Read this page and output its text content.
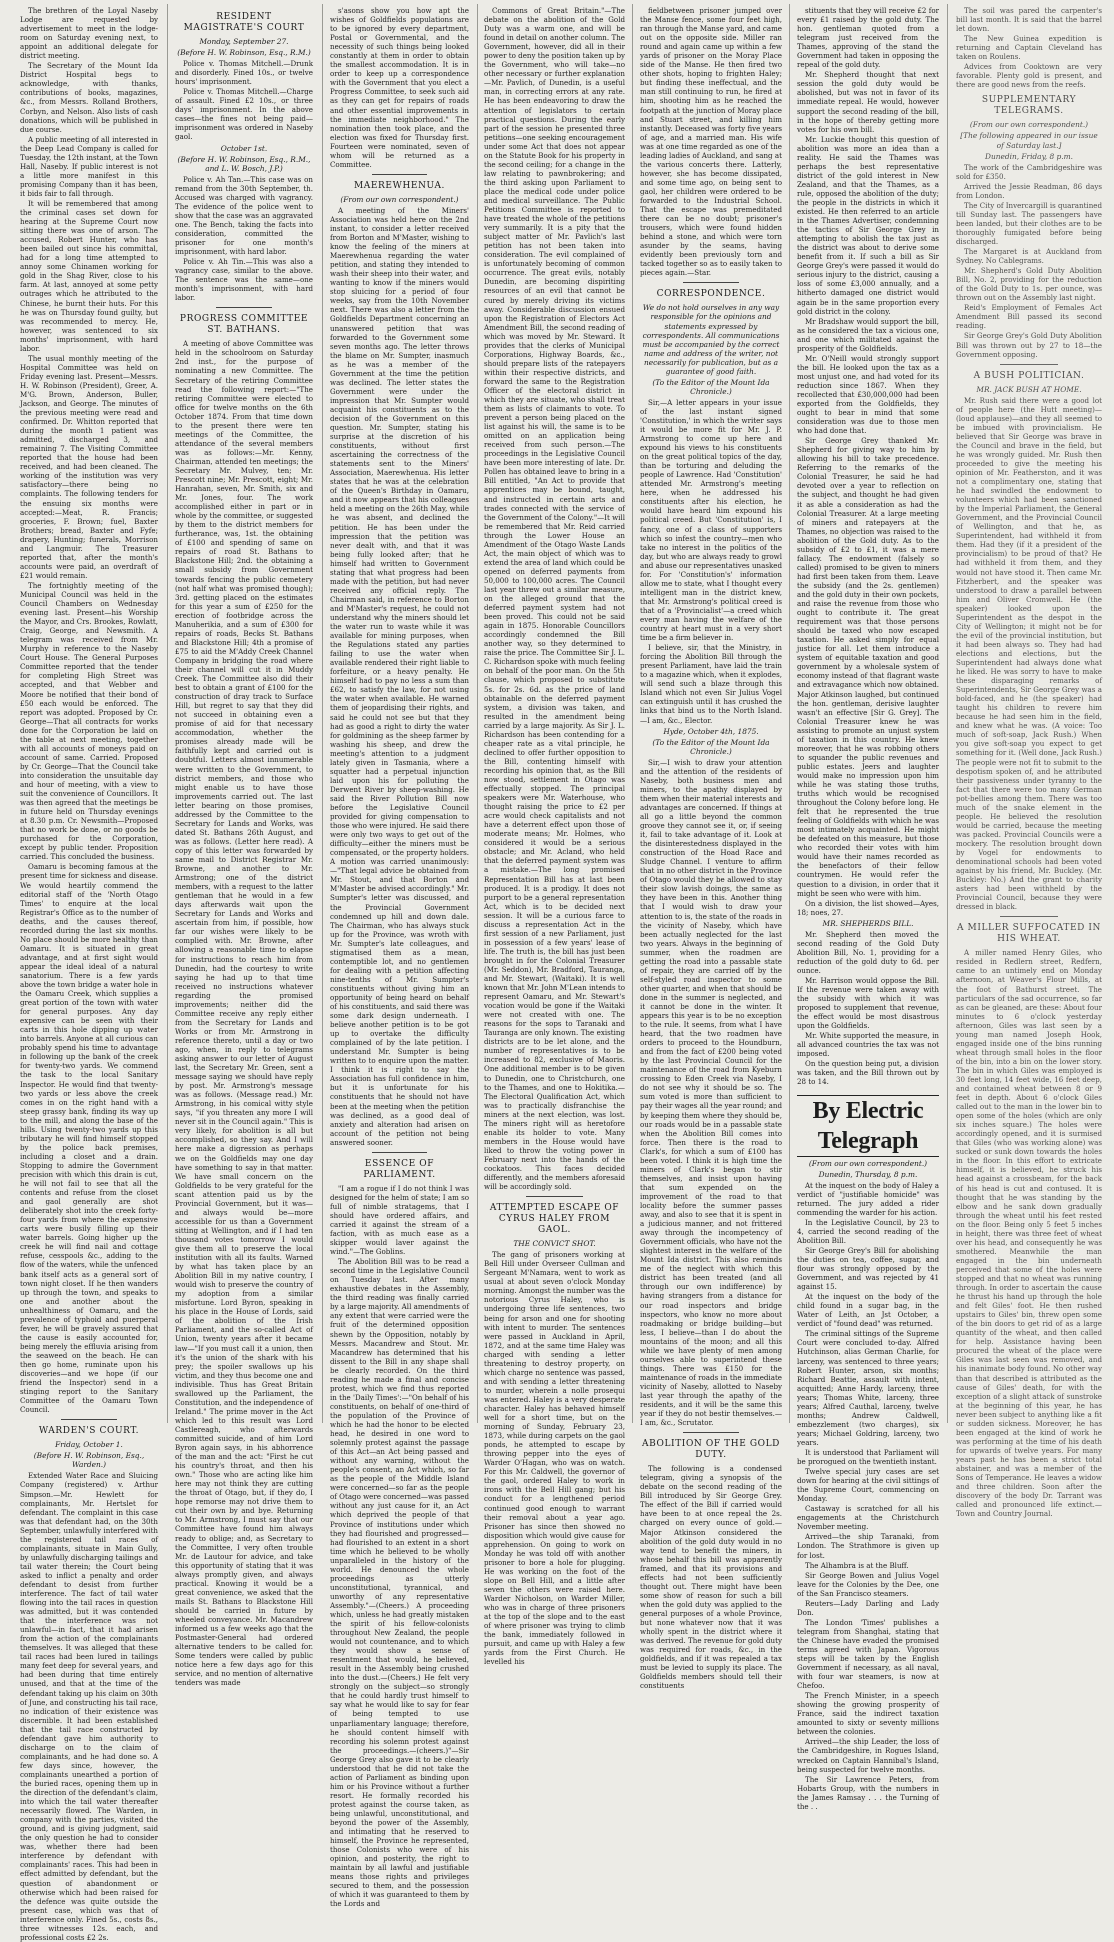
The brethren of the Loyal Naseby Lodge are requested by advertisement to meet in the lodge-room on Saturday evening next, to appoint an additional delegate for district meeting.

The Secretary of the Mount Ida District Hospital begs to acknowledge, with thanks, contributions of books, magazines, &c., from Messrs. Rolland Brothers, Corbyn, and Nelson. Also lists of cash donations, which will be published in due course.

A public meeting of all interested in the Deep Lead Company is called for Tuesday, the 12th instant, at the Town Hall, Naseby. If public interest is not a little more manifest in this promising Company than it has been, it bids fair to fall through.

It will be remembered that among the criminal cases set down for hearing at the Supreme Court now sitting there was one of arson. The accused, Robert Hunter, who has been bailed out since his committal, had for a long time attempted to annoy some Chinamen working for gold in the Shag River, close to his farm. At last, annoyed at some petty outrages which he attributed to the Chinese, he burnt their huts. For this he was on Thursday found guilty, but was recommended to mercy. He, however, was sentenced to six months' imprisonment, with hard labor.

The usual monthly meeting of the Hospital Committee was held on Friday evening last. Present—Messrs. H. W. Robinson (President), Greer, A. M'G. Brown, Anderson, Buller, Jackson, and George. The minutes of the previous meeting were read and confirmed. Dr. Whitton reported that during the month 1 patient was admitted, discharged 3, and remaining 7. The Visiting Committee reported that the house had been received, and had been cleaned. The working of the institution was very satisfactory—there being no complaints. The following tenders for the ensuing six months were accepted:—Meat, R. Francis; groceries, F. Brown; fuel, Baxter Brothers; bread, Baxter and Fyfe; drapery, Hunting; funerals, Morrison and Langmuir. The Treasurer reported that, after the month's accounts were paid, an overdraft of £21 would remain.

The fortnightly meeting of the Municipal Council was held in the Council Chambers on Wednesday evening last. Present—his Worship the Mayor, and Crs. Brookes, Rowlatt, Craig, George, and Newsmith. A telegram was received from Mr. Murphy in reference to the Naseby Court House. The General Purposes Committee reported that the tender for completing High Street was accepted, and that Webber and Moore be notified that their bond of £50 each would be enforced. The report was adopted. Proposed by Cr. George—That all contracts for works done for the Corporation be laid on the table at next meeting, together with all accounts of moneys paid on account of same. Carried. Proposed by Cr. George—That the Council take into consideration the unsuitable day and hour of meeting, with a view to suit the convenience of Councillors. It was then agreed that the meetings be in future held on Thursday evenings at 8.30 p.m. Cr. Newsmith—Proposed that no work be done, or no goods be purchased for the Corporation, except by public tender. Proposition carried. This concluded the business.

Oamaru is becoming famous at the present time for sickness and disease. We would heartily commend the editorial staff of the 'North Otago Times' to enquire at the local Registrar's Office as to the number of deaths, and the causes thereof, recorded during the last six months. No place should be more healthy than Oamaru. It is situated in great advantage, and at first sight would appear the ideal ideal of a natural sanatorium. There is a few yards above the town bridge a water hole in the Oamaru Creek, which supplies a great portion of the town with water for general purposes. Any day expensive can be seen with their carts in this hole dipping up water into barrels. Anyone at all curious can probably spend his time to advantage in following up the bank of the creek for twenty-two yards. We commend the task to the local Sanitary Inspector. He would find that twenty-two yards or less above the creek comes in on the right hand with a steep grassy bank, finding its way up to the mill, and along the base of the hills. Using twenty-two yards up this tributary he will find himself stopped by the police back premises, including a closet and a drain. Stopping to admire the Government precision with which this drain is cut, he will not fail to see that all the contents and refuse from the closet and gaol generally are shot deliberately shot into the creek forty-four yards from where the expensive carts were busily filling up their water barrels. Going higher up the creek he will find nail and cottage refuse, cesspools &c., adding to the flow of the waters, while the unfenced bank itself acts as a general sort of town night closet. If he then wanders up through the town, and speaks to one and another about the unhealthiness of Oamaru, and the prevalence of typhoid and puerperal fever, he will be gravely assured that the cause is easily accounted for, being merely the effluvia arising from the seaweed on the beach. He can then go home, ruminate upon his discoveries—and we hope (if our friend the Inspector) send in a stinging report to the Sanitary Committee of the Oamaru Town Council.

WARDEN'S COURT.
Friday, October 1.
(Before H. W. Robinson, Esq., Warden.)

Extended Water Race and Sluicing Company (registered) v. Arthur Simpson.—Mr. Hewlett for complainants, Mr. Hertslet for defendant. The complaint in this case was that defendant had, on the 30th September, unlawfully interfered with the registered tail races of complainants, situate in Main Gully, by unlawfully discharging tailings and tail water therein; the Court being asked to inflict a penalty and order defendant to desist from further interference. The fact of tail water flowing into the tail races in question was admitted, but it was contended that the interference was not unlawful—in fact, that it had arisen from the action of the complainants themselves. It was alleged that these tail races had been lured in tailings many feet deep for several years, and had been during that time entirely unused, and that at the time of the defendant taking up his claim on 30th of June, and constructing his tail race, no indication of their existence was discernible. It had been established that the tail race constructed by defendant gave him authority to discharge on to the claim of complainants, and he had done so. A few days since, however, the complainants unearthed a portion of the buried races, opening them up in the direction of the defendant's claim, into which the tail water thereafter necessarily flowed. The Warden, in company with the parties, visited the ground, and is giving judgment, said the only question he had to consider was, whether there had been interference by defendant with complainants' races. This had been in effect admitted by defendant, but the question of abandonment or otherwise which had been raised for the defence was quite outside the present case, which was that of interference only. Fined 5s., costs 8s., three witnesses 12s. each, and professional costs £2 2s.

RESIDENT MAGISTRATE'S COURT
Monday, September 27.
(Before H. W. Robinson, Esq., R.M.)

Police v. Thomas Mitchell.—Drunk and disorderly. Fined 10s., or twelve hours' imprisonment.

Police v. Thomas Mitchell.—Charge of assault. Fined £2 10s., or three days' imprisonment. In the above cases—the fines not being paid—imprisonment was ordered in Naseby gaol.

October 1st.
(Before H. W. Robinson, Esq., R.M., and L. W. Bosch, J.P.)

Police v. Ah Tan.—This case was on remand from the 30th September, th. Accused was charged with vagrancy. The evidence of the police went to show that the case was an aggravated one. The Bench, taking the facts into consideration, committed the prisoner for one month's imprisonment, with hard labor.

Police v. Ah Tin.—This was also a vagrancy case, similar to the above. The sentence was the same—one month's imprisonment, with hard labor.

PROGRESS COMMITTEE ST. BATHANS.

A meeting of above Committee was held in the schoolroom on Saturday 2nd inst., for the purpose of nominating a new Committee. The Secretary of the retiring Committee read the following report:—"The retiring Committee were elected to office for twelve months on the 6th October 1874. From that time down to the present there were ten meetings of the Committee, the attendance of the several members was as follows:—Mr. Kenny, Chairman, attended ten meetings; the Secretary Mr. Mulvey, ten; Mr. Prescott nine; Mr. Prescott, eight; Mr. Hanrahan, seven, Mr. Smith, six and Mr. Jones, four. The work accomplished either in part or in whole by the committee, or suggested by them to the district members for furtherance, was, 1st. the obtaining of £100 and spending of same on repairs of road St. Bathans to Blackstone Hill; 2nd. the obtaining a small subsidy from Government towards fencing the public cemetery (not half what was promised though); 3rd. getting placed on the estimates for this year a sum of £250 for the erection of footbridge across the Manuherikia, and a sum of £300 for repairs of roads, Becks St. Bathans and Blackstone Hill; 4th a promise of £75 to aid the M'Addy Creek Channel Company in bridging the road where their channel will cut it in Muddy Creek. The Committee also did their best to obtain a grant of £100 for the construction of dray track to Surface Hill, but regret to say that they did not succeed in obtaining even a promise of aid for that necessary accommodation, whether the promises already made will be faithfully kept and carried out is doubtful. Letters almost innumerable were written to the Government, to district members, and those who might enable us to have those improvements carried out. The last letter bearing on those promises, addressed by the Committee to the Secretary for Lands and Works, was dated St. Bathans 26th August, and was as follows. (Letter here read). A copy of this letter was forwarded by same mail to District Registrar Mr. Browne, and another to Mr. Armstrong; one of the district members, with a request to the latter gentleman that he would in a few days afterwards wait upon the Secretary for Lands and Works and ascertain from him, if possible, how far our wishes were likely to be complied with. Mr. Browne, after allowing a reasonable time to elapse for instructions to reach him from Dunedin, had the courtesy to write saying he had up to that time received no instructions whatever regarding the promised improvements; neither did the Committee receive any reply either from the Secretary for Lands and Works or from Mr. Armstrong in reference thereto, until a day or two ago, when, in reply to telegrams asking answer to our letter of August last, the Secretary Mr. Green, sent a message saying we should have reply by post. Mr. Armstrong's message was as follows. (Message read.) Mr. Armstrong, in his comical witty style says, "if you threaten any more I will never sit in the Council again." This is very likely, for abolition is all but accomplished, so they say. And I will here make a digression as perhaps we on the Goldfields may one day have something to say in that matter. We have small concern on the Goldfields to be very grateful for the scant attention paid us by the Provincial Government, but it was—and always would be—more accessible for us than a Government sitting at Wellington, and if I had ten thousand votes tomorrow I would give them all to preserve the local institution with all its faults. Warned by what has taken place by an Abolition Bill in my native country, I would wish to preserve the country of my adoption from a similar misfortune. Lord Byron, speaking in his place in the House of Lords, said of the abolition of the Irish Parliament, and the so-called Act of Union, twenty years after it became law—"If you must call it a union, then it's the union of the shark with his prey; the spoiler swallows up his victim, and they thus become one and indivisible. Thus has Great Britain swallowed up the Parliament, the Constitution, and the independence of Ireland." The prime mover in the Act which led to this result was Lord Castlereagh, who afterwards committed suicide, and of him Lord Byron again says, in his abhorrence of the man and the act: "First he cut his country's throat, and then his own." Those who are acting like him here may not think they are cutting the throat of Otago, but, if they do, I hope remorse may not drive them to cut their own by and bye. Returning to Mr. Armstrong, I must say that our Committee have found him always ready to oblige; and, as Secretary to the Committee, I very often trouble Mr. de Lautour for advice, and take this opportunity of stating that it was always promptly given, and always practical. Knowing it would be a great convenience, we asked that the mails St. Bathans to Blackstone Hill should be carried in future by wheeled conveyance. Mr. Macandrew informed us a few weeks ago that the Postmaster-General had ordered alternative tenders to be called for. Some tenders were called by public notice here a few days ago for this service, and no mention of alternative tenders was made

s'asons show you how apt the wishes of Goldfields populations are to be ignored by every department, Postal or Governmental, and the necessity of such things being looked constantly at them in order to obtain the smallest accommodation. It is in order to keep up a correspondence with the Government that you elect a Progress Committee, to seek such aid as they can get for repairs of roads and other essential improvements in the immediate neighborhood." The nomination then took place, and the election was fixed for Thursday first. Fourteen were nominated, seven of whom will be returned as a Committee.

MAEREWHENUA.
(From our own correspondent.)

A meeting of the Miners' Association was held here on the 2nd instant, to consider a letter received from Borton and M'Master, wishing to know the feeling of the miners at Maerewhenua regarding the water petition, and stating they intended to wash their sheep into their water, and wanting to know if the miners would stop sluicing for a period of four weeks, say from the 10th November next. There was also a letter from the Goldfields Department concerning an unanswered petition that was forwarded to the Government some seven months ago. The letter throws the blame on Mr. Sumpter, inasmuch as he was a member of the Government at the time the petition was declined. The letter states the Government were under the impression that Mr. Sumpter would acquaint his constituents as to the decision of the Government on this question. Mr. Sumpter, stating his surprise at the discretion of his constituents, without first ascertaining the correctness of the statements sent to the Miners' Association, Maerewhenua. His letter states that he was at the celebration of the Queen's Birthday in Oamaru, and it now appears that his colleagues held a meeting on the 26th May, while he was absent, and declined the petition. He has been under the impression that the petition was never dealt with, and that it was being fully looked after; that he himself had written to Government stating that what progress had been made with the petition, but had never received any official reply. The Chairman said, in reference to Borton and M'Master's request, he could not understand why the miners should let the water run to waste while it was available for mining purposes, when the Regulations stated any parties failing to use the water when available rendered their right liable to forfeiture, or a heavy penalty. He himself had to pay no less a sum than £62, to satisfy the law, for not using the water when available. He warned them of jeopardising their rights, and said he could not see but that they had as good a right to dirty the water for goldmining as the sheep farmer by washing his sheep, and drew the meeting's attention to a judgment lately given in Tasmania, where a squatter had a perpetual injunction laid upon his for polluting the Derwent River by sheep-washing. He said the River Pollution Bill now before the Legislative Council provided for giving compensation to those who were injured. He said there were only two ways to get out of the difficulty—either the miners must be compensated, or the property holders. A motion was carried unanimously:—"That legal advice be obtained from Mr. Stout, and that Borton and M'Master be advised accordingly." Mr. Sumpter's letter was discussed, and the Provincial Government condemned up hill and down dale. The Chairman, who has always stuck up for the Province, was wroth with Mr. Sumpter's late colleagues, and stigmatised them as a mean, contemptible lot, and no gentlemen for dealing with a petition affecting nine-tenths of Mr. Sumpter's constituents without giving him an opportunity of being heard on behalf of his constituents, and said there was some dark design underneath. I believe another petition is to be got up to overtake the difficulty complained of by the late petition. I understand Mr. Sumpter is being written to to enquire upon the matter. I think it is right to say the Association has full confidence in him, but it is unfortunate for his constituents that he should not have been at the meeting when the petition was declined, as a good deal of anxiety and alteration had arisen on account of the petition not being answered sooner.

ESSENCE OF PARLIAMENT.

"I am a rogue if I do not think I was designed for the helm of state; I am so full of nimble stratagems, that I should have ordered affairs, and carried it against the stream of a faction, with as much ease as a skipper would laver against the wind."—The Goblins.

The Abolition Bill was to be read a second time in the Legislative Council on Tuesday last. After many exhaustive debates in the Assembly, the third reading was finally carried by a large majority. All amendments of any extent that were carried were the fruit of the determined opposition shewn by the Opposition, notably by Messrs. Macandrew and Stout. Mr. Macandrew has determined that his dissent to the Bill in any shape shall be clearly recorded. On the third reading he made a final and concise protest, which we find thus reported in the 'Daily Times':—"On behalf of his constituents, on behalf of one-third of the population of the Province of which he had the honor to be elected head, he desired in one word to solemnly protest against the passage of this Act—an Act being passed and without any warning, without the people's consent, an Act which, so far as the people of the Middle Island were concerned—so far as the people of Otago were concerned—was passed without any just cause for it, an Act which deprived the people of that Province of institutions under which they had flourished and progressed—had flourished to an extent in a short time which he believed to be wholly unparalleled in the history of the world. He denounced the whole proceedings as utterly unconstitutional, tyrannical, and unworthy of any representative Assembly."—(Cheers.) A proceeding which, unless he had greatly mistaken the spirit of his fellow-colonists throughout New Zealand, the people would not countenance, and to which they would show a sense of resentment that would, he believed, result in the Assembly being crushed into the dust.—(Cheers.) He felt very strongly on the subject—so strongly that he could hardly trust himself to say what he would like to say for fear of being tempted to use unparliamentary language; therefore, he should content himself with recording his solemn protest against the proceedings.—(cheers.)"—Sir George Grey also gave it to be clearly understood that he did not take the action of Parliament as binding upon him or his Province without a further resort. He formally recorded his protest against the course taken, as being unlawful, unconstitutional, and beyond the power of the Assembly, and intimating that he reserved to himself, the Province he represented, those Colonists who were of his opinion, and posterity, the right to maintain by all lawful and justifiable means those rights and privileges secured to them, and the possession of which it was guaranteed to them by the Lords and

Commons of Great Britain."—The debate on the abolition of the Gold Duty was a warm one, and will be found in detail on another column. The Government, however, did all in their power to deny the position taken up by the Government, who will take—no other necessary or further explanation—Mr. Pavlich, of Dunedin, is a useful man, in correcting errors at any rate. He has been endeavoring to draw the attention of legislators to certain practical questions. During the early part of the session he presented three petitions—one seeking encouragement under some Act that does not appear on the Statute Book for his property in the second ceiling; for a change in the law relating to pawnbrokering; and the third asking upon Parliament to place the medical code under police and medical surveillance. The Public Petitions Committee is reported to have treated the whole of the petitions very summarily. It is a pity that the subject matter of Mr. Pavlich's last petition has not been taken into consideration. The evil complained of is unfortunately becoming of common occurrence. The great evils, notably Dunedin, are becoming dispiriting resources of an evil that cannot be cured by merely driving its victims away. Considerable discussion ensued upon the Registration of Electors Act Amendment Bill, the second reading of which was moved by Mr. Steward. It provides that the clerks of Municipal Corporations, Highway Boards, &c., should prepare lists of the ratepayers within their respective districts, and forward the same to the Registration Officer of the electoral district in which they are situate, who shall treat them as lists of claimants to vote. To prevent a person being placed on the list against his will, the same is to be omitted on an application being received from such person.—The proceedings in the Legislative Council have been more interesting of late. Dr. Pollen has obtained leave to bring in a Bill entitled, "An Act to provide that apprentices may be bound, taught, and instructed in certain arts and trades connected with the service of the Government of the Colony."—It will be remembered that Mr. Reid carried through the Lower House an Amendment of the Otago Waste Lands Act, the main object of which was to extend the area of land which could be opened on deferred payments from 50,000 to 100,000 acres. The Council last year threw out a similar measure, on the alleged ground that the deferred payment system had not been proved. This could not be said again in 1875. Honorable Councillors accordingly condemned the Bill another way, so they determined to raise the price. The Committee Sir J. L. C. Richardson spoke with much feeling on behalf of the poor man. On the 5th clause, which proposed to substitute 5s. for 2s. 6d. as the price of land obtainable on the deferred payment system, a division was taken, and resulted in the amendment being carried by a large majority. As Sir J. L. Richardson has been contending for a cheaper rate as a vital principle, he declined to offer further opposition to the Bill, contenting himself with recording his opinion that, as the Bill now stood, settlement in Otago was effectually stopped. The principal speakers were Mr. Waterhouse, who thought raising the price to £2 per acre would check capitalists and not have a deterrent effect upon those of moderate means; Mr. Holmes, who considered it would be a serious obstacle; and Mr. Acland, who held that the deferred payment system was a mistake.—The long promised Representation Bill has at last been produced. It is a prodigy. It does not purport to be a general representation Act, which is to be decided next session. It will be a curious farce to discuss a representation Act in the first session of a new Parliament, just in possession of a few years' lease of life. The truth is, the bill has just been brought in for the Colonial Treasurer (Mr. Seddon), Mr. Bradford, Tauranga, and Mr. Stewart, (Waitaki). It is well known that Mr. John M'Lean intends to represent Oamaru, and Mr. Stewart's vocation would be gone if the Waitaki were not created with one. The reasons for the sops to Taranaki and Tauranga are only known. The existing districts are to be let alone, and the number of representatives is to be increased to 82, exclusive of Maoris. One additional member is to be given to Dunedin, one to Christchurch, one to the Thames, and one to Hokitika.—The Electoral Qualification Act, which was to practically disfranchise the miners at the next election, was lost. The miners right will as heretofore enable its holder to vote. Many members in the House would have liked to throw the voting power in February next into the hands of the cockatoos. This faces decided differently, and the members aforesaid will be accordingly sold.

ATTEMPTED ESCAPE OF CYRUS HALEY FROM GAOL.
THE CONVICT SHOT.

The gang of prisoners working at Bell Hill under Overseer Cullman and Sergeant M'Namara, went to work as usual at about seven o'clock Monday morning. Amongst the number was the notorious Cyrus Haley, who is undergoing three life sentences, two being for arson and one for shooting with intent to murder. The sentences were passed in Auckland in April, 1872, and at the same time Haley was charged with sending a letter threatening to destroy property, on which charge no sentence was passed, and with sending a letter threatening to murder, wherein a nolle prosequi was entered. Haley is a very desperate character. Haley has behaved himself well for a short time, but on the morning of Sunday, February 23, 1873, while during carpets on the gaol ponds, he attempted to escape by throwing pepper into the eyes of Warder O'Hagan, who was on watch. For this Mr. Caldwell, the governor of the gaol, ordered Haley to work in irons with the Bell Hill gang; but his conduct for a lengthened period continued good enough to warrant their removal about a year ago. Prisoner has since then showed no disposition which would give cause for apprehension. On going to work on Monday he was told off with another prisoner to bore a hole for plugging. He was working on the foot of the slope on Bell Hill, and a little after seven the others were raised here. Warder Nicholson, on Warder Miller, who was in charge of three prisoners at the top of the slope and to the east of where prisoner was trying to climb the bank, immediately followed in pursuit, and came up with Haley a few yards from the First Church. He levelled his

fieldbetween prisoner jumped over the Manse fence, some four feet high, ran through the Manse yard, and came out on the opposite side. Miller ran round and again came up within a few yards of prisoner on the Moray Place side of the Manse. He then fired two other shots, hoping to frighten Haley; but finding these ineffectual, and the man still continuing to run, he fired at him, shooting him as he reached the footpath at the junction of Moray place and Stuart street, and killing him instantly. Deceased was forty five years of age, and a married man. His wife was at one time regarded as one of the leading ladies of Auckland, and sang at the various concerts there. Latterly, however, she has become dissipated, and some time ago, on being sent to gaol, her children were ordered to be forwarded to the Industrial School. That the escape was premeditated there can be no doubt; prisoner's trousers, which were found hidden behind a stone, and which were torn asunder by the seams, having evidently been previously torn and tacked together so as to easily taken to pieces again.—Star.

CORRESPONDENCE.
We do not hold ourselves in any way responsible for the opinions and statements expressed by correspondents. All communications must be accompanied by the correct name and address of the writer, not necessarily for publication, but as a guarantee of good faith.
(To the Editor of the Mount Ida Chronicle.)

Sir,—A letter appears in your issue of the last instant signed 'Constitution,' in which the writer says it would be more fit for Mr. J. P. Armstrong to come up here and expound his views to his constituents on the great political topics of the day, than be torturing and deluding the people of Lawrence. Had 'Constitution' attended Mr. Armstrong's meeting here, when he addressed his constituents after his election, he would have heard him expound his political creed. But 'Constitution' is, I fancy, one of a class of supporters which so infest the country—men who take no interest in the politics of the day, but who are always ready to growl and abuse our representatives unasked for. For 'Constitution's' information allow me to state, what I thought every intelligent man in the district knew, that Mr. Armstrong's political creed is that of a 'Provincialist'—a creed which every man having the welfare of the country at heart must in a very short time be a firm believer in.

I believe, sir, that the Ministry, in forcing the Abolition Bill through the present Parliament, have laid the train to a magazine which, when it explodes, will send such a blaze through this Island which not even Sir Julius Vogel can extinguish until it has crushed the links that bind us to the North Island.—I am, &c., Elector.

Hyde, October 4th, 1875.
(To the Editor of the Mount Ida Chronicle.)

Sir,—I wish to draw your attention and the attention of the residents of Naseby, both business men and miners, to the apathy displayed by them when their material interests and advantages are concerned. If things at all go a little beyond the common groove they cannot see it, or, if seeing it, fail to take advantage of it. Look at the disinterestedness displayed in the construction of the Hoad Race and Sludge Channel. I venture to affirm that in no other district in the Province of Otago would they be allowed to stay their slow lavish doings, the same as they have been in this. Another thing that I would wish to draw your attention to is, the state of the roads in the vicinity of Naseby, which have been actually neglected for the last two years. Always in the beginning of summer, when the roadmen are getting the road into a passable state of repair, they are carried off by the self-styled road inspector to some other quarter, and when that should be done in the summer is neglected, and it cannot be done in the winter. It appears this year is to be no exception to the rule. It seems, from what I have heard, that the two roadmen have orders to proceed to the Houndburn, and from the fact of £200 being voted by the last Provincial Council for the maintenance of the road from Kyeburn crossing to Eden Creek via Naseby, I do not see why it should be so. The sum voted is more than sufficient to pay their wages all the year round; and by keeping them where they should be, our roads would be in a passable state when the Abolition Bill comes into force. Then there is the road to Clark's, for which a sum of £100 has been voted. I think it is high time the miners of Clark's began to stir themselves, and insist upon having that sum expended on the improvement of the road to that locality before the summer passes away, and also to see that it is spent in a judicious manner, and not frittered away through the incompetency of Government officials, who have not the slightest interest in the welfare of the Mount Ida district. This also reminds me of the neglect with which this district has been treated (and all through our own indifference) by having strangers from a distance for our road inspectors and bridge inspectors, who know no more about roadmaking or bridge building—but less, I believe—than I do about the mountains of the moon; and all this while we have plenty of men among ourselves able to superintend these things. There was £150 for the maintenance of roads in the immediate vicinity of Naseby, allotted to Naseby last year through the apathy of the residents, and it will be the same this year if they do not bestir themselves.—I am, &c., Scrutator.

ABOLITION OF THE GOLD DUTY.

The following is a condensed telegram, giving a synopsis of the debate on the second reading of the Bill introduced by Sir George Grey. The effect of the Bill if carried would have been to at once repeal the 2s. charged on every ounce of gold.—Major Atkinson considered the abolition of the gold duty would in no way tend to benefit the miners, in whose behalf this bill was apparently framed, and that its provisions and effects had not been sufficiently thought out. There might have been some show of reason for such a bill when the gold duty was applied to the general purposes of a whole Province, but none whatever now that it was wholly spent in the district where it was derived. The revenue for gold duty was required for roads, &c., in the goldfields, and if it was repealed a tax must be levied to supply its place. The Goldfields members should tell their constituents

stituents that they will receive £2 for every £1 raised by the gold duty. The hon. gentleman quoted from a telegram just received from the Thames, approving of the stand the Government had taken in opposing the repeal of the gold duty.

Mr. Shepherd thought that next session the gold duty would be abolished, but was not in favor of its immediate repeal. He would, however support the second reading of the bill, in the hope of thereby getting more votes for his own bill.

Mr. Luckie thought this question of abolition was more an idea than a reality. He said the Thames was perhaps the best representative district of the gold interest in New Zealand, and that the Thames, as a rule, opposed the abolition of the duty; the people in the districts in which it existed. He then referred to an article in the Thames Advertiser, condemning the tactics of Sir George Grey in attempting to abolish the tax just as the district was about to derive some benefit from it. If such a bill as Sir George Grey's were passed it would do serious injury to the district, causing a loss of some £3,000 annually, and a hitherto damaged one district would again be in the same proportion every gold district in the colony.

Mr Bradshaw would support the bill, as he considered the tax a vicious one, and one which militated against the prosperity of the Goldfields.

Mr. O'Neill would strongly support the bill. He looked upon the tax as a most unjust one, and had voted for its reduction since 1867. When they recollected that £30,000,000 had been exported from the Goldfields, they ought to bear in mind that some consideration was due to those men who had done that.

Sir George Grey thanked Mr. Shepherd for giving way to him by allowing his bill to take precedence. Referring to the remarks of the Colonial Treasurer, he said he had devoted over a year to reflection on the subject, and thought he had given it as able a consideration as had the Colonial Treasurer. At a large meeting of miners and ratepayers at the Thames, no objection was raised to the abolition of the Gold duty. As to the subsidy of £2 to £1, it was a mere fallacy. The endowment (falsely so called) promised to be given to miners had first been taken from them. Leave the subsidy (and the 2s. gentlemen) and the gold duty in their own pockets, and raise the revenue from those who ought to contribute it. The great requirement was that those persons should be taxed who now escaped taxation. He asked simply for equal justice for all. Let them introduce a system of equitable taxation and good government by a wholesale system of economy instead of that flagrant waste and extravagance which now obtained. Major Atkinson laughed, but continued the hon. gentleman, derisive laughter wasn't an effective [Sir G. Grey]. The Colonial Treasurer knew he was assisting to promote an unjust system of taxation in this country. He knew moreover, that he was robbing others to squander the public revenues and public estates. Jeers and laughter would make no impression upon him while he was stating those truths, truths which would be recognised throughout the Colony before long. He felt that he represented the true feeling of Goldfields with which he was most intimately acquainted. He might be defeated on this measure, but those who recorded their votes with him would have their names recorded as the benefactors of their fellow countrymen. He would refer the question to a division, in order that it might be seen who were with him.

On a division, the list showed—Ayes, 18; noes, 27.

MR. SHEPHERDS BILL.

Mr. Shepherd then moved the second reading of the Gold Duty Abolition Bill, No. 1, providing for a reduction of the gold duty to 6d. per ounce.

Mr. Harrison would oppose the Bill. If the revenue were taken away with the subsidy with which it was proposed to supplement that revenue, the effect would be most disastrous upon the Goldfields.

Mr. White supported the measure, in all advanced countries the tax was not imposed.

On the question being put, a division was taken, and the Bill thrown out by 28 to 14.

By Electric Telegraph
(From our own correspondent.)
Dunedin, Thursday, 8 p.m.

At the inquest on the body of Haley a verdict of "justifiable homicide" was returned. The jury added a rider commending the warder for his action.

In the Legislative Council, by 23 to 4, carried the second reading of the Abolition Bill.

Sir George Grey's Bill for abolishing the duties on tea, coffee, sugar, and flour was strongly opposed by the Government, and was rejected by 41 against 15.

At the inquest on the body of the child found in a sugar bag, in the Water of Leith, an Jst October, a verdict of "found dead" was returned.

The criminal sittings of the Supreme Court were concluded to-day. Alfred Hutchinson, alias German Charlie, for larceny, was sentenced to three years; Robert Hunter, arson, six months; Richard Beattie, assault with intent, acquitted; Anne Hardy, larceny, three years; Thomas White, larceny, three years; Alfred Cauthal, larceny, twelve months; Andrew Caldwell, embezzlement (two charges), six years; Michael Goldring, larceny, two years.

It is understood that Parliament will be prorogued on the twentieth instant.

Twelve special jury cases are set down for hearing at the civil sittings of the Supreme Court, commencing on Monday.

Castaway is scratched for all his engagements at the Christchurch November meeting.

Arrived—the ship Taranaki, from London. The Strathmore is given up for lost.

The Alhambra is at the Bluff.

Sir George Bowen and Julius Vogel leave for the Colonies by the Dee, one of the San Francisco steamers.

Reuters—Lady Darling and Lady Don.

The London 'Times' publishes a telegram from Shanghai, stating that the Chinese have evaded the promised terms agreed with Japan. Vigorous steps will be taken by the English Government if necessary, as all naval, with four war steamers, is now at Chefoo.

The French Minister, in a speech showing the growing prosperity of France, said the indirect taxation amounted to sixty or seventy millions between the colonies.

Arrived—the ship Leader, the loss of the Cambridgeshire, in Rogues Island, wrecked on Captain Hannibal's Island, being suspected for twelve months.

The Sir Lawrence Peters, from Hobarts Group, with the numbers in the James Ramsay . . . the Turning of the . .

The soil was pared the carpenter's bill last month. It is said that the barrel let down.

The New Guinea expedition is returning and Captain Cleveland has taken on Roulens.

Advices from Cooktown are very favorable. Plenty gold is present, and there are good news from the reefs.

SUPPLEMENTARY TELEGRAMS.
(From our own correspondent.)
[The following appeared in our issue of Saturday last.]
Dunedin, Friday, 8 p.m.

The work of the Cambridgeshire was sold for £350.

Arrived the Jessie Readman, 86 days from London.

The City of Invercargill is quarantined till Sunday last. The passengers have been landed, but their clothes are to be thoroughly fumigated before being discharged.

The Margaret is at Auckland from Sydney. No Cablegrams.

Mr. Shepherd's Gold Duty Abolition Bill, No. 2, providing for the reduction of the Gold Duty to 1s. per ounce, was thrown out on the Assembly last night.

Reid's Employment of Females Act Amendment Bill passed its second reading.

Sir George Grey's Gold Duty Abolition Bill was thrown out by 27 to 18—the Government opposing.

A BUSH POLITICIAN.
MR. JACK BUSH AT HOME.

Mr. Rush said there were a good lot of people here (the Hutt meeting)—(loud applause)—and they all seemed to be imbued with provincialism. He believed that Sir George was brave in the Council and brave in the field, but he was wrongly guided. Mr. Rush then proceeded to give the meeting his opinion of Mr. Featherston, and it was not a complimentary one, stating that he had swindled the endowment to volunteers which had been sanctioned by the Imperial Parliament, the General Government, and the Provincial Council of Wellington, and that he, as Superintendent, had withheld it from them. Had they (if it a president of the provincialism) to be proud of that? He had withheld it from them, and they would not have stood it. Then came Mr. Fitzherbert, and the speaker was understood to draw a parallel between him and Oliver Cromwell. He (the speaker) looked upon the Superintendent as the despot in the City of Wellington; it might not be for the evil of the provincial institution, but it had been always so. They had had elections and elections, but the Superintendent had always done what he liked. He was sorry to have to make these disparaging remarks of Superintendents, Sir George Grey was a bold-faced, and he (the speaker) had taught his children to revere him because he had seen him in the field, and knew what he was. (A voice: Too much of soft-soap, Jack Rush.) When you give soft-soap you expect to get something for it. (Well done, Jack Rush.) The people were not fit to submit to the despotism spoken of, and he attributed their passiveness under tyranny to the fact that there were too many German pot-bellies among them. There was too much of the snake element in the people. He believed the resolution would be carried, because the meeting was packed. Provincial Councils were a mockery. The resolution brought down by Vogel for endowments to denominational schools had been voted against by his friend, Mr. Buckley. (Mr. Buckley: No.) And the grant to charity asters had been withheld by the Provincial Council, because they were dressed in black.

A MILLER SUFFOCATED IN HIS WHEAT.

A miller named Henry Giles, who resided in Redlern street, Redfern, came to an untimely end on Monday afternoon, at Weaver's Flour Mills, at the foot of Bathurst street. The particulars of the sad occurrence, so far as can be gleaned, are these: About four minutes to 6 o'clock yesterday afternoon, Giles was last seen by a young man named Joseph Hook, engaged inside one of the bins running wheat through small holes in the floor of the bin, into a bin on the lower story. The bin in which Giles was employed is 30 feet long, 14 feet wide, 16 feet deep, and contained wheat between 8 or 9 feet in depth. About 6 o'clock Giles called out to the man in the lower bin to open some of the holes (which are only six inches square.) The holes were accordingly opened, and it is surmised that Giles (who was working alone) was sucked or sunk down towards the holes in the floor. In this effort to extricate himself, it is believed, he struck his head against a crossbeam, for the back of his head is cut and contused. It is thought that he was standing by the elbow and he sank down gradually through the wheat until his feet rested on the floor. Being only 5 feet 5 inches in height, there was three feet of wheat over his head, and consequently he was smothered. Meanwhile the man engaged in the bin underneath perceived that some of the holes were stopped and that no wheat was running through. In order to ascertain the cause he thrust his hand up through the hole and felt Giles' foot. He then rushed upstairs to Giles' bin, threw open some of the bin doors to get rid of as a large quantity of the wheat, and then called for help. Assistance having been procured the wheat of the place were Giles was last seen was removed, and his inanimate body found. No other way than that described is attributed as the cause of Giles' death, for with the exception of a slight attack of sunstroke at the beginning of this year, he has never been subject to anything like a fit or sudden sickness. Moreover, he has been engaged at the kind of work he was performing at the time of his death for upwards of twelve years. For many years past he has been a strict total abstainer, and was a member of the Sons of Temperance. He leaves a widow and three children. Soon after the discovery of the body Dr. Tarrant was called and pronounced life extinct.—Town and Country Journal.
